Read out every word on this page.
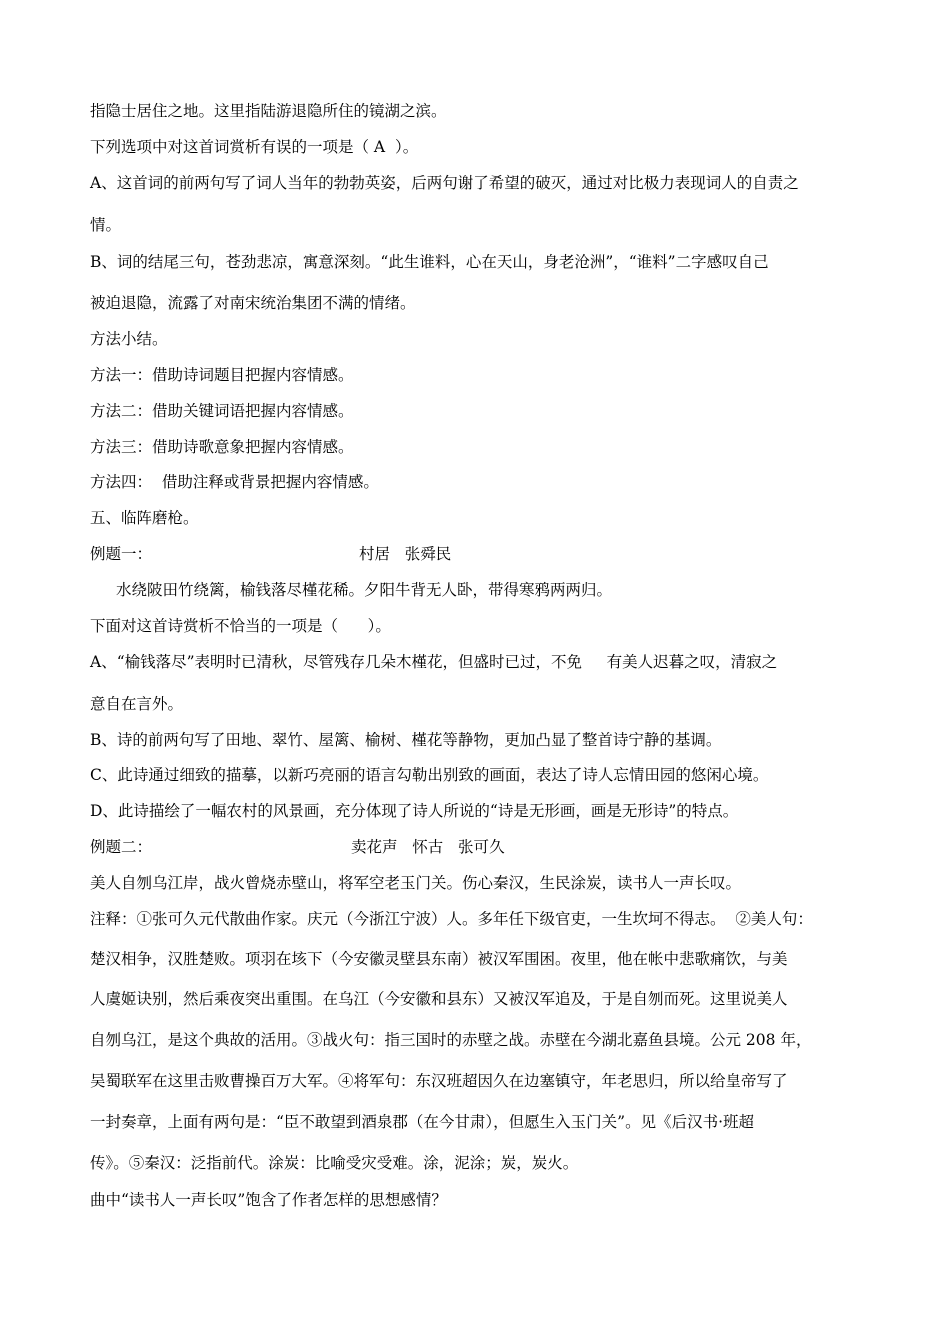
指隐士居住之地。这里指陆游退隐所住的镜湖之滨。
下列选项中对这首词赏析有误的一项是（ A  ）。
A、这首词的前两句写了词人当年的勃勃英姿，后两句谢了希望的破灭，通过对比极力表现词人的自责之
情。
B、词的结尾三句，苍劲悲凉，寓意深刻。“此生谁料，心在天山，身老沧洲”，“谁料”二字感叹自己
被迫退隐，流露了对南宋统治集团不满的情绪。
方法小结。
方法一：借助诗词题目把握内容情感。
方法二：借助关键词语把握内容情感。
方法三：借助诗歌意象把握内容情感。
方法四：  借助注释或背景把握内容情感。
五、临阵磨枪。
例题一：	村居   张舜民
水绕陂田竹绕篱，榆钱落尽槿花稀。夕阳牛背无人卧，带得寒鸦两两归。
下面对这首诗赏析不恰当的一项是（      ）。
A、“榆钱落尽”表明时已清秋，尽管残存几朵木槿花，但盛时已过，不免     有美人迟暮之叹，清寂之
意自在言外。
B、诗的前两句写了田地、翠竹、屋篱、榆树、槿花等静物，更加凸显了整首诗宁静的基调。
C、此诗通过细致的描摹，以新巧亮丽的语言勾勒出别致的画面，表达了诗人忘情田园的悠闲心境。
D、此诗描绘了一幅农村的风景画，充分体现了诗人所说的“诗是无形画，画是无形诗”的特点。
例题二：	卖花声   怀古   张可久
美人自刎乌江岸，战火曾烧赤壁山，将军空老玉门关。伤心秦汉，生民涂炭，读书人一声长叹。
注释：①张可久元代散曲作家。庆元（今浙江宁波）人。多年任下级官吏，一生坎坷不得志。  ②美人句：
楚汉相争，汉胜楚败。项羽在垓下（今安徽灵壁县东南）被汉军围困。夜里，他在帐中悲歌痛饮，与美
人虞姬诀别，然后乘夜突出重围。在乌江（今安徽和县东）又被汉军追及，于是自刎而死。这里说美人
自刎乌江，是这个典故的活用。③战火句：指三国时的赤壁之战。赤壁在今湖北嘉鱼县境。公元 208 年，
吴蜀联军在这里击败曹操百万大军。④将军句：东汉班超因久在边塞镇守，年老思归，所以给皇帝写了
一封奏章，上面有两句是：“臣不敢望到酒泉郡（在今甘肃），但愿生入玉门关”。见《后汉书·班超
传》。⑤秦汉：泛指前代。涂炭：比喻受灾受难。涂，泥涂；炭，炭火。
曲中“读书人一声长叹”饱含了作者怎样的思想感情？
